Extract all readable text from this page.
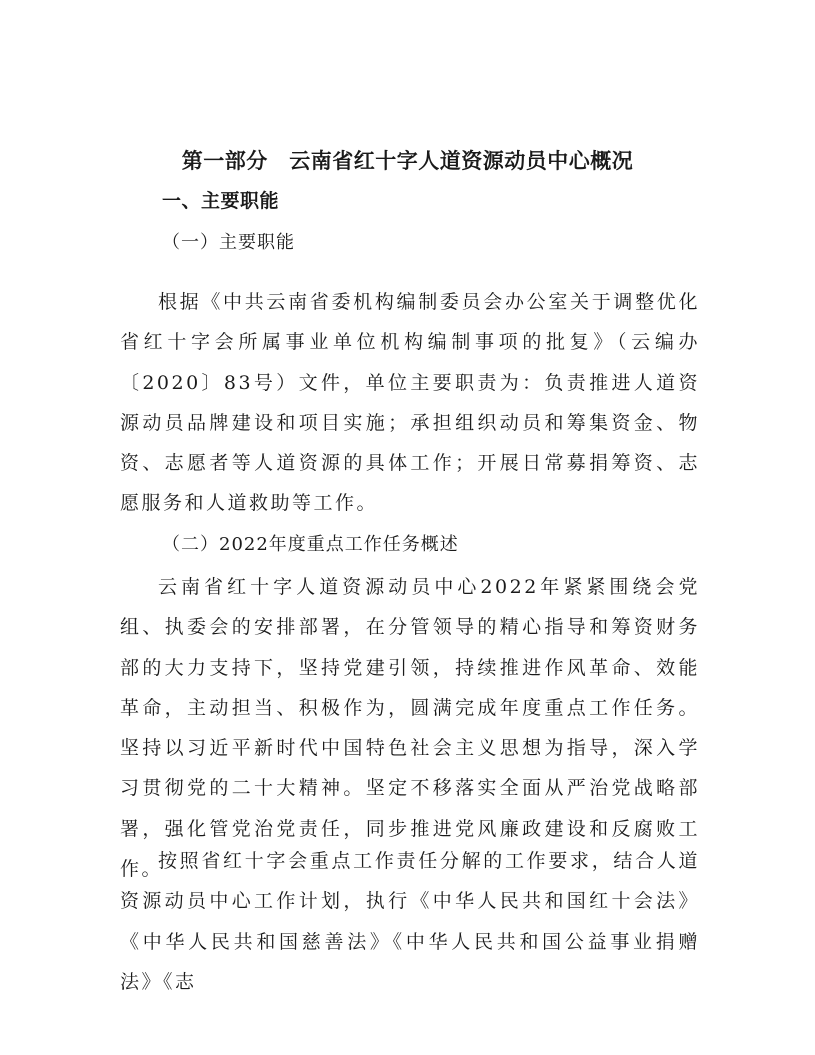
第一部分　云南省红十字人道资源动员中心概况
一、主要职能
（一）主要职能

根据《中共云南省委机构编制委员会办公室关于调整优化省红十字会所属事业单位机构编制事项的批复》（云编办〔2020〕83号）文件，单位主要职责为：负责推进人道资源动员品牌建设和项目实施；承担组织动员和筹集资金、物资、志愿者等人道资源的具体工作；开展日常募捐筹资、志愿服务和人道救助等工作。

（二）2022年度重点工作任务概述

云南省红十字人道资源动员中心2022年紧紧围绕会党组、执委会的安排部署，在分管领导的精心指导和筹资财务部的大力支持下，坚持党建引领，持续推进作风革命、效能革命，主动担当、积极作为，圆满完成年度重点工作任务。坚持以习近平新时代中国特色社会主义思想为指导，深入学习贯彻党的二十大精神。坚定不移落实全面从严治党战略部署，强化管党治党责任，同步推进党风廉政建设和反腐败工作。

按照省红十字会重点工作责任分解的工作要求，结合人道资源动员中心工作计划，执行《中华人民共和国红十会法》《中华人民共和国慈善法》《中华人民共和国公益事业捐赠法》《志
